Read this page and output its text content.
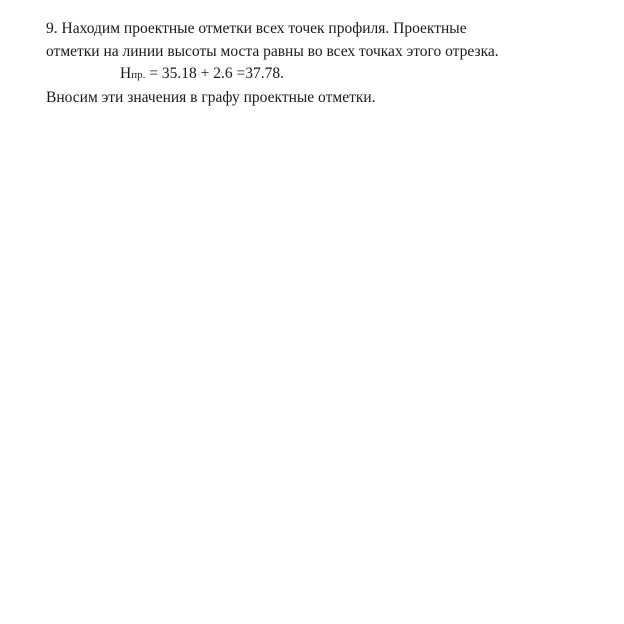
9. Находим проектные отметки всех точек профиля. Проектные
отметки на линии высоты моста равны во всех точках этого отрезка.
Hпр. = 35.18 + 2.6 =37.78.
Вносим эти значения в графу проектные отметки.
